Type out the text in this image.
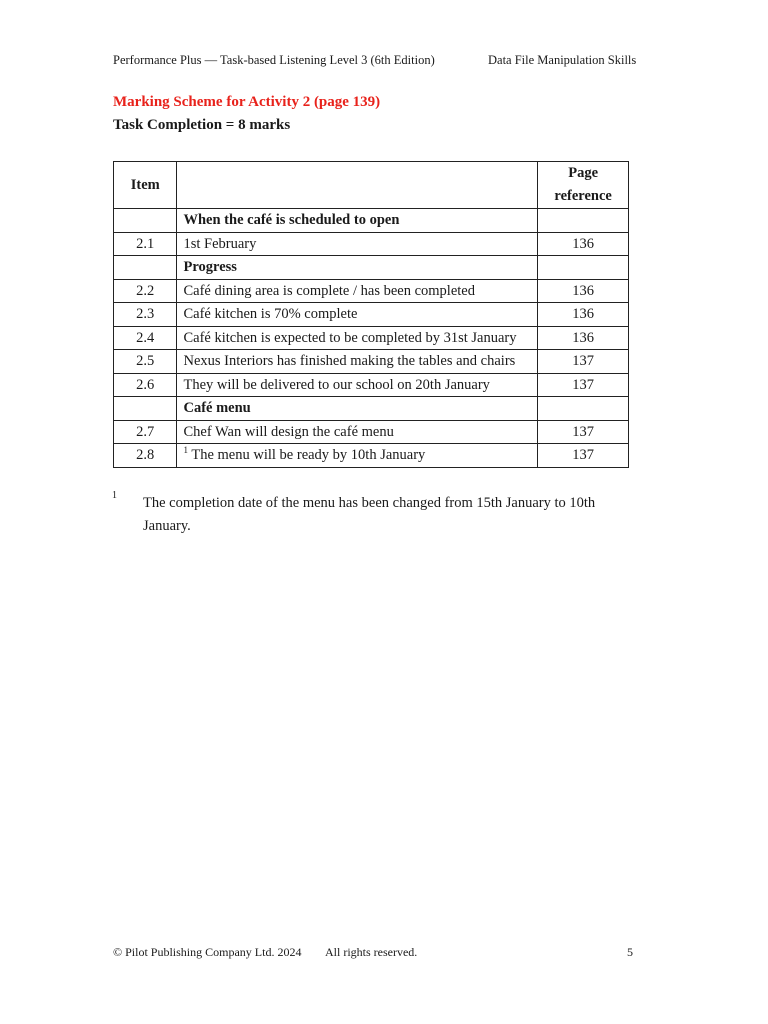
Performance Plus — Task-based Listening Level 3 (6th Edition)	Data File Manipulation Skills
Marking Scheme for Activity 2 (page 139)
Task Completion = 8 marks
Item		Page
reference
	When the café is scheduled to open	
2.1	1st February	136
	Progress	
2.2	Café dining area is complete / has been completed	136
2.3	Café kitchen is 70% complete	136
2.4	Café kitchen is expected to be completed by 31st January	136
2.5	Nexus Interiors has finished making the tables and chairs	137
2.6	They will be delivered to our school on 20th January	137
	Café menu	
2.7	Chef Wan will design the café menu	137
2.8	$^1$ The menu will be ready by 10th January	137
1 The completion date of the menu has been changed from 15th January to 10th January.
© Pilot Publishing Company Ltd. 2024 All rights reserved.	5
